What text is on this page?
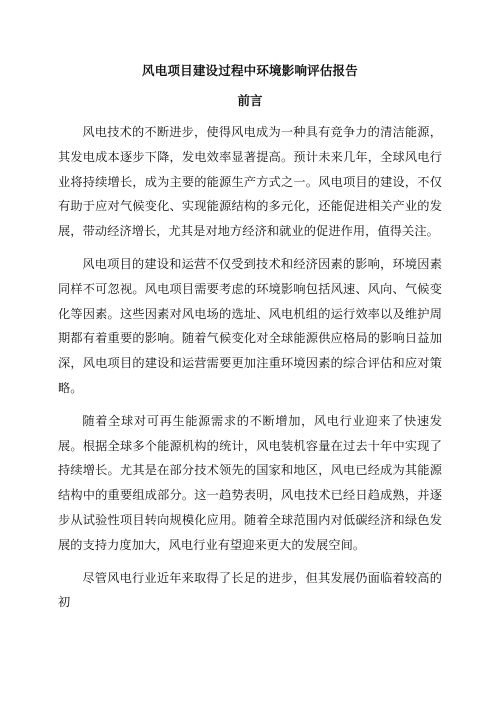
风电项目建设过程中环境影响评估报告
前言

风电技术的不断进步，使得风电成为一种具有竞争力的清洁能源，其发电成本逐步下降，发电效率显著提高。预计未来几年，全球风电行业将持续增长，成为主要的能源生产方式之一。风电项目的建设，不仅有助于应对气候变化、实现能源结构的多元化，还能促进相关产业的发展，带动经济增长，尤其是对地方经济和就业的促进作用，值得关注。

风电项目的建设和运营不仅受到技术和经济因素的影响，环境因素同样不可忽视。风电项目需要考虑的环境影响包括风速、风向、气候变化等因素。这些因素对风电场的选址、风电机组的运行效率以及维护周期都有着重要的影响。随着气候变化对全球能源供应格局的影响日益加深，风电项目的建设和运营需要更加注重环境因素的综合评估和应对策略。

随着全球对可再生能源需求的不断增加，风电行业迎来了快速发展。根据全球多个能源机构的统计，风电装机容量在过去十年中实现了持续增长。尤其是在部分技术领先的国家和地区，风电已经成为其能源结构中的重要组成部分。这一趋势表明，风电技术已经日趋成熟，并逐步从试验性项目转向规模化应用。随着全球范围内对低碳经济和绿色发展的支持力度加大，风电行业有望迎来更大的发展空间。

尽管风电行业近年来取得了长足的进步，但其发展仍面临着较高的初
